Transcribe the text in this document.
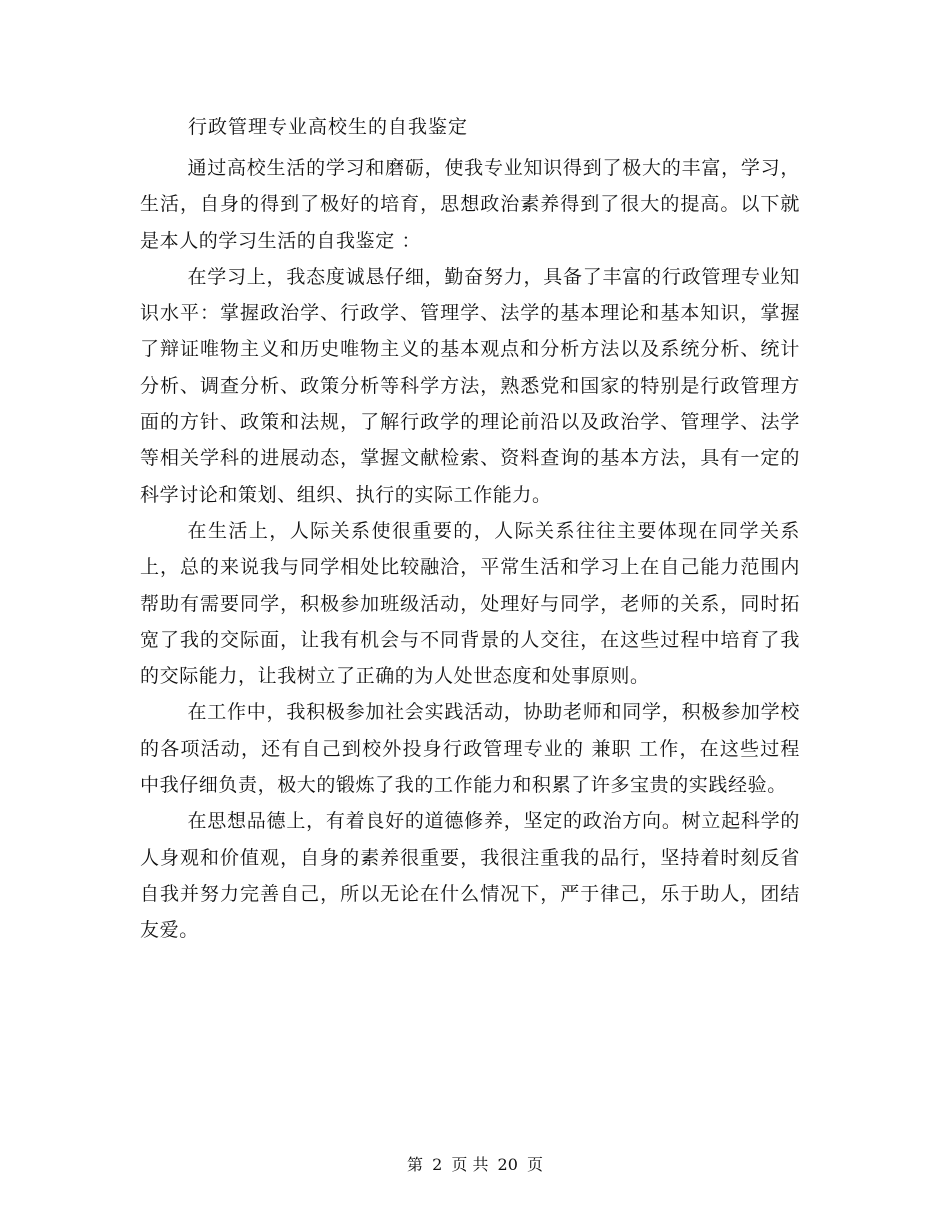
行政管理专业高校生的自我鉴定

通过高校生活的学习和磨砺，使我专业知识得到了极大的丰富，学习，生活，自身的得到了极好的培育，思想政治素养得到了很大的提高。以下就是本人的学习生活的自我鉴定 ：

在学习上，我态度诚恳仔细，勤奋努力，具备了丰富的行政管理专业知识水平：掌握政治学、行政学、管理学、法学的基本理论和基本知识，掌握了辩证唯物主义和历史唯物主义的基本观点和分析方法以及系统分析、统计分析、调查分析、政策分析等科学方法，熟悉党和国家的特别是行政管理方面的方针、政策和法规，了解行政学的理论前沿以及政治学、管理学、法学等相关学科的进展动态，掌握文献检索、资料查询的基本方法，具有一定的科学讨论和策划、组织、执行的实际工作能力。

在生活上，人际关系使很重要的，人际关系往往主要体现在同学关系上，总的来说我与同学相处比较融洽，平常生活和学习上在自己能力范围内帮助有需要同学，积极参加班级活动，处理好与同学，老师的关系，同时拓宽了我的交际面，让我有机会与不同背景的人交往，在这些过程中培育了我的交际能力，让我树立了正确的为人处世态度和处事原则。

在工作中，我积极参加社会实践活动，协助老师和同学，积极参加学校的各项活动，还有自己到校外投身行政管理专业的 兼职 工作，在这些过程中我仔细负责，极大的锻炼了我的工作能力和积累了许多宝贵的实践经验。

在思想品德上，有着良好的道德修养，坚定的政治方向。树立起科学的人身观和价值观，自身的素养很重要，我很注重我的品行，坚持着时刻反省自我并努力完善自己，所以无论在什么情况下，严于律己，乐于助人，团结友爱。

第 2 页 共 20 页
